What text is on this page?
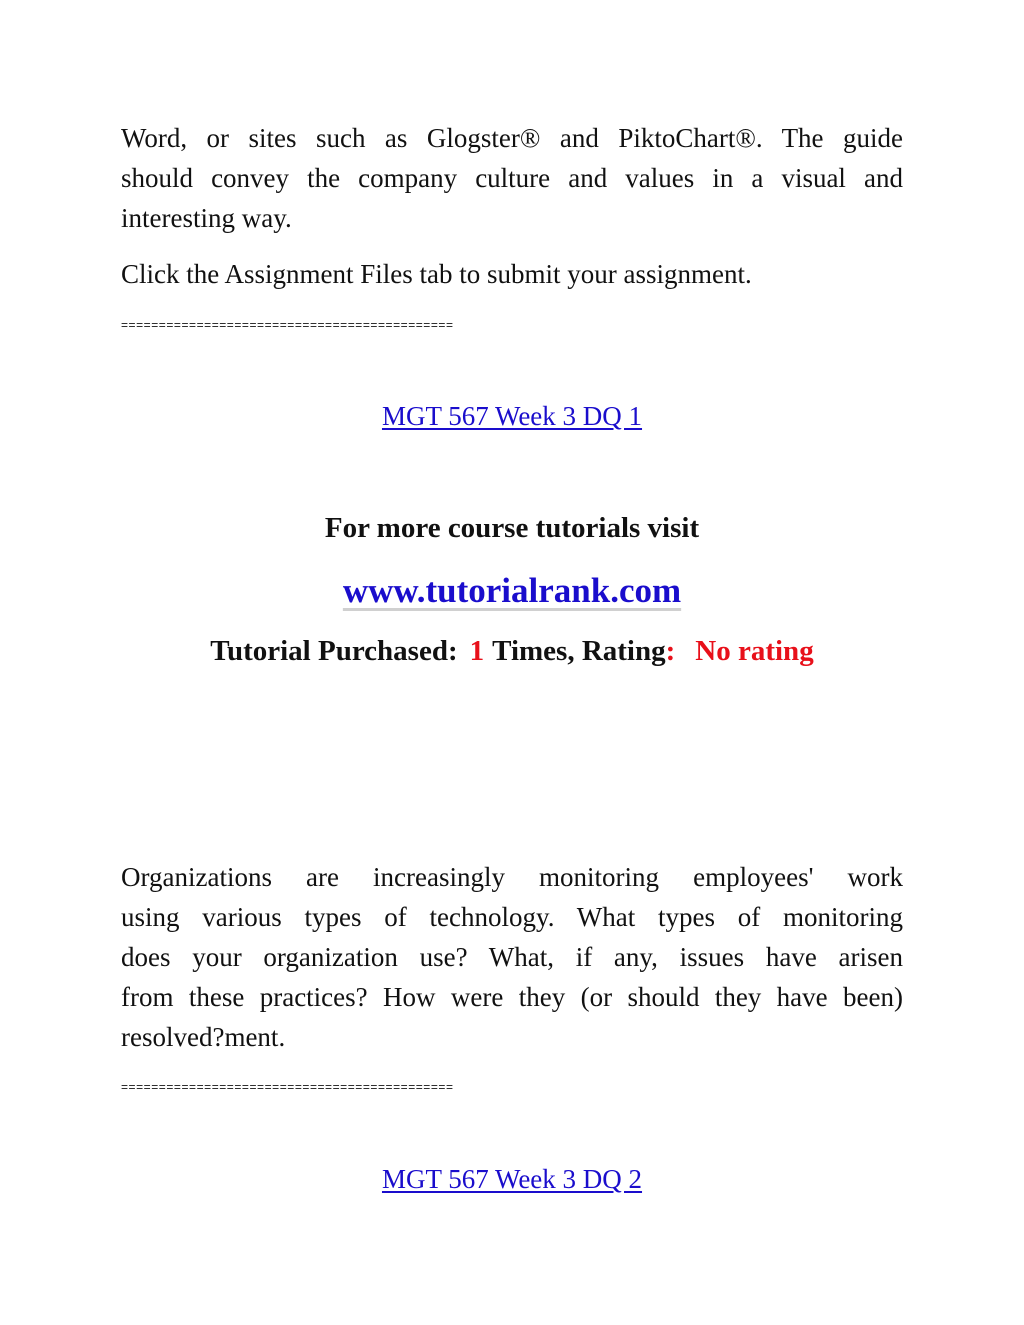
Word, or sites such as Glogster® and PiktoChart®. The guide
should convey the company culture and values in a visual and
interesting way.
Click the Assignment Files tab to submit your assignment.
============================================
MGT 567 Week 3 DQ 1
For more course tutorials visit
www.tutorialrank.com
Tutorial Purchased: 1 Times, Rating: No rating
Organizations are increasingly monitoring employees' work
using various types of technology. What types of monitoring
does your organization use? What, if any, issues have arisen
from these practices? How were they (or should they have been)
resolved?ment.
============================================
MGT 567 Week 3 DQ 2
